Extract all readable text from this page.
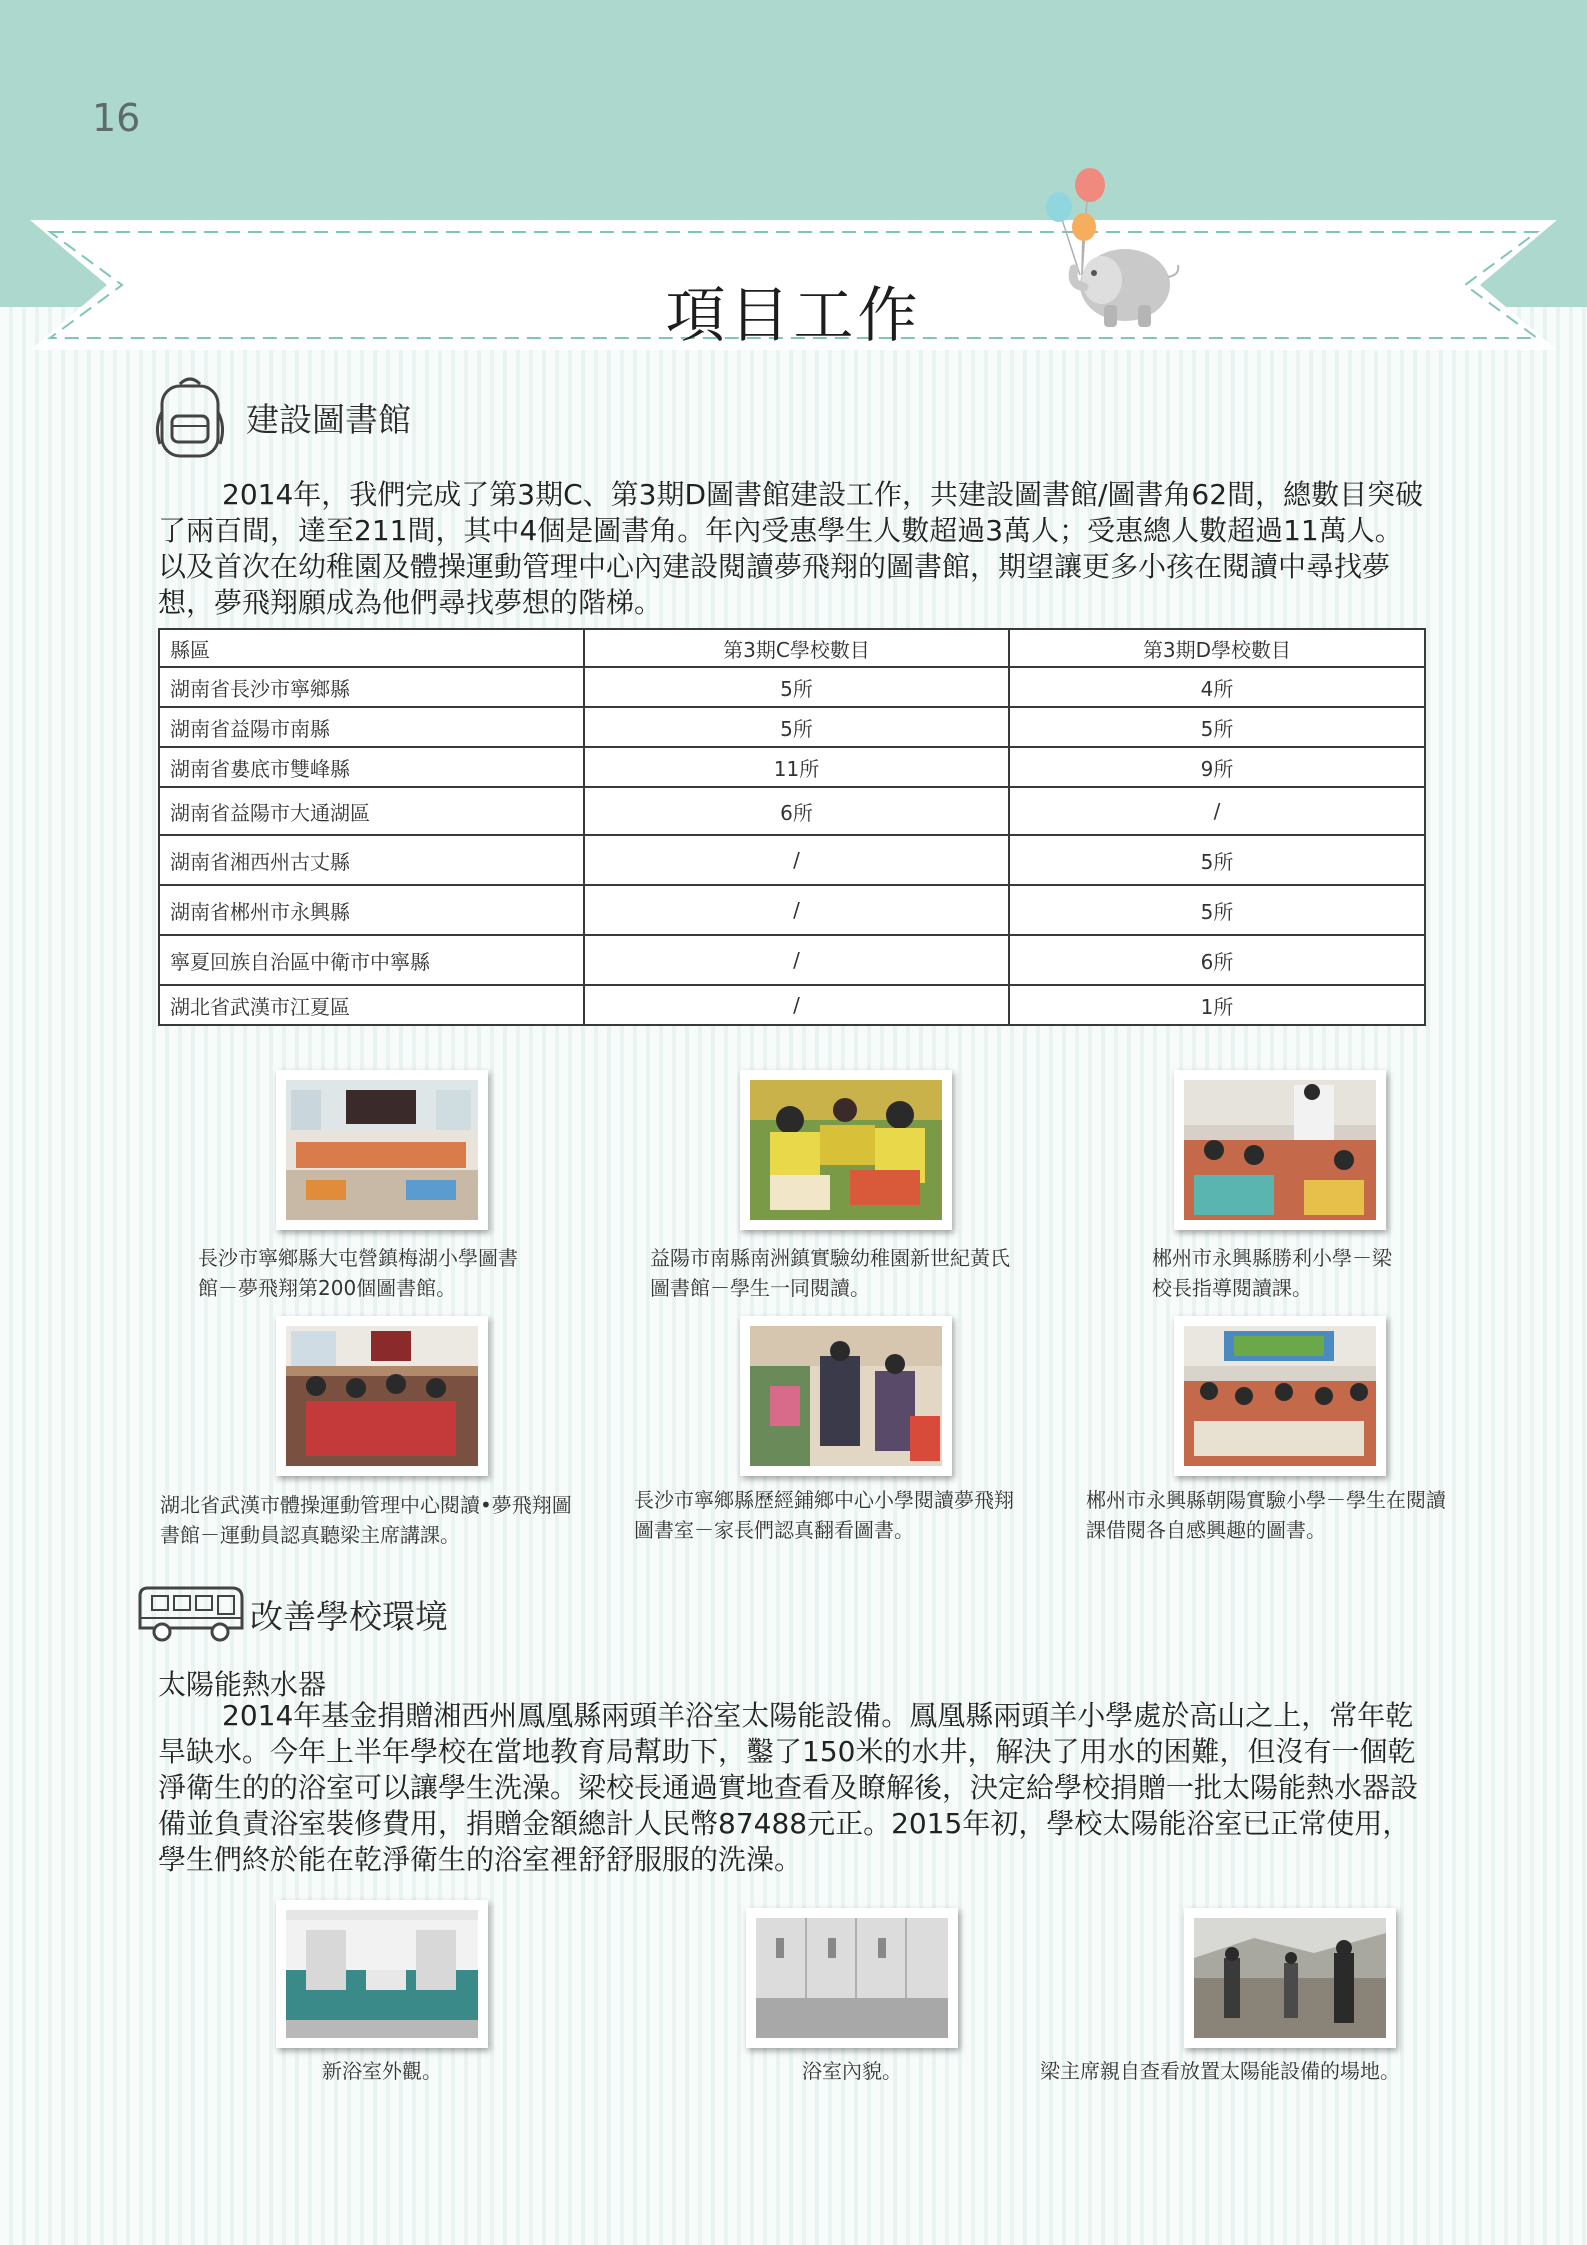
16
項目工作
建設圖書館
2014年，我們完成了第3期C、第3期D圖書館建設工作，共建設圖書館/圖書角62間，總數目突破了兩百間，達至211間，其中4個是圖書角。年內受惠學生人數超過3萬人；受惠總人數超過11萬人。以及首次在幼稚園及體操運動管理中心內建設閱讀夢飛翔的圖書館，期望讓更多小孩在閱讀中尋找夢想，夢飛翔願成為他們尋找夢想的階梯。
縣區	第3期C學校數目	第3期D學校數目
湖南省長沙市寧鄉縣	5所	4所
湖南省益陽市南縣	5所	5所
湖南省婁底市雙峰縣	11所	9所
湖南省益陽市大通湖區	6所	/
湖南省湘西州古丈縣	/	5所
湖南省郴州市永興縣	/	5所
寧夏回族自治區中衛市中寧縣	/	6所
湖北省武漢市江夏區	/	1所
長沙市寧鄉縣大屯營鎮梅湖小學圖書
館－夢飛翔第200個圖書館。
益陽市南縣南洲鎮實驗幼稚園新世紀黃氏
圖書館－學生一同閱讀。
郴州市永興縣勝利小學－梁
校長指導閱讀課。
湖北省武漢市體操運動管理中心閱讀•夢飛翔圖
書館－運動員認真聽梁主席講課。
長沙市寧鄉縣歷經鋪鄉中心小學閱讀夢飛翔
圖書室－家長們認真翻看圖書。
郴州市永興縣朝陽實驗小學－學生在閱讀
課借閱各自感興趣的圖書。
改善學校環境
太陽能熱水器
2014年基金捐贈湘西州鳳凰縣兩頭羊浴室太陽能設備。鳳凰縣兩頭羊小學處於高山之上，常年乾旱缺水。今年上半年學校在當地教育局幫助下，鑿了150米的水井，解決了用水的困難，但沒有一個乾淨衛生的的浴室可以讓學生洗澡。梁校長通過實地查看及瞭解後，決定給學校捐贈一批太陽能熱水器設備並負責浴室裝修費用，捐贈金額總計人民幣87488元正。2015年初，學校太陽能浴室已正常使用，學生們終於能在乾淨衛生的浴室裡舒舒服服的洗澡。
新浴室外觀。	浴室內貌。	梁主席親自查看放置太陽能設備的場地。
